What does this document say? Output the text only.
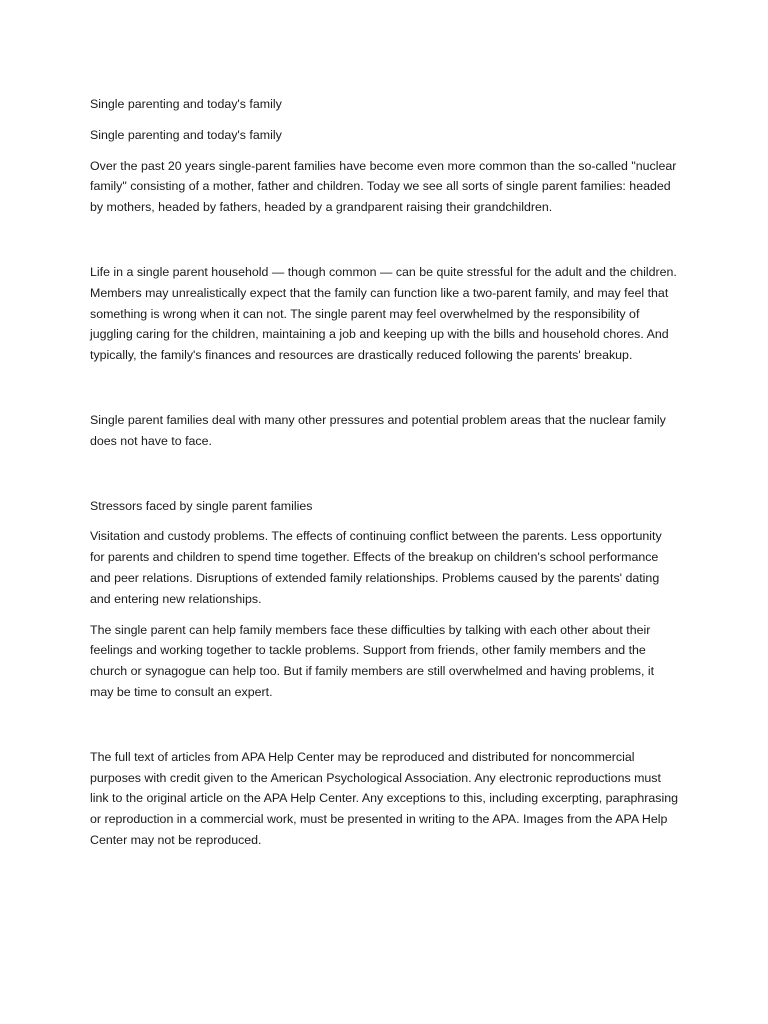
Single parenting and today's family

Single parenting and today's family

Over the past 20 years single-parent families have become even more common than the so-called "nuclear family" consisting of a mother, father and children. Today we see all sorts of single parent families: headed by mothers, headed by fathers, headed by a grandparent raising their grandchildren.

Life in a single parent household — though common — can be quite stressful for the adult and the children. Members may unrealistically expect that the family can function like a two-parent family, and may feel that something is wrong when it can not. The single parent may feel overwhelmed by the responsibility of juggling caring for the children, maintaining a job and keeping up with the bills and household chores. And typically, the family's finances and resources are drastically reduced following the parents' breakup.

Single parent families deal with many other pressures and potential problem areas that the nuclear family does not have to face.

Stressors faced by single parent families

Visitation and custody problems. The effects of continuing conflict between the parents. Less opportunity for parents and children to spend time together. Effects of the breakup on children's school performance and peer relations. Disruptions of extended family relationships. Problems caused by the parents' dating and entering new relationships.

The single parent can help family members face these difficulties by talking with each other about their feelings and working together to tackle problems. Support from friends, other family members and the church or synagogue can help too. But if family members are still overwhelmed and having problems, it may be time to consult an expert.

The full text of articles from APA Help Center may be reproduced and distributed for noncommercial purposes with credit given to the American Psychological Association. Any electronic reproductions must link to the original article on the APA Help Center. Any exceptions to this, including excerpting, paraphrasing or reproduction in a commercial work, must be presented in writing to the APA. Images from the APA Help Center may not be reproduced.
